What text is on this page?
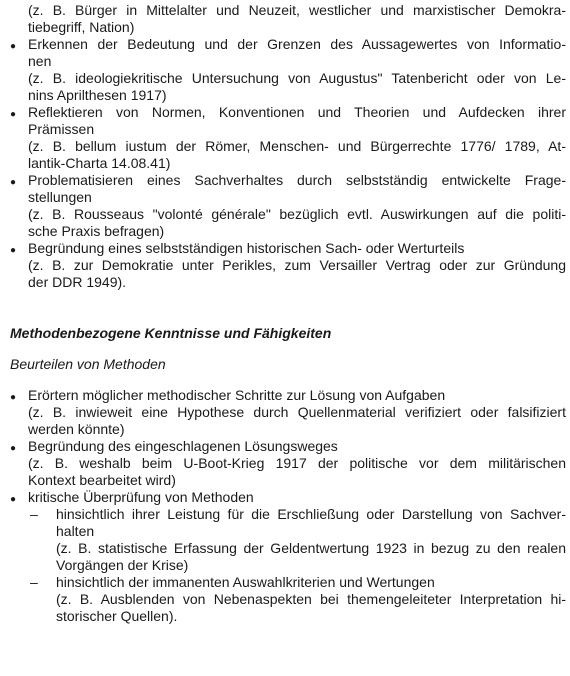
(z. B. Bürger in Mittelalter und Neuzeit, westlicher und marxistischer Demokra-
tiebegriff, Nation)
●
Erkennen der Bedeutung und der Grenzen des Aussagewertes von Informatio-
nen
(z. B. ideologiekritische Untersuchung von Augustus" Tatenbericht oder von Le-
nins Aprilthesen 1917)
●
Reflektieren von Normen, Konventionen und Theorien und Aufdecken ihrer
Prämissen
(z. B. bellum iustum der Römer, Menschen- und Bürgerrechte 1776/ 1789, At-
lantik-Charta 14.08.41)
●
Problematisieren eines Sachverhaltes durch selbstständig entwickelte Frage-
stellungen
(z. B. Rousseaus "volonté générale" bezüglich evtl. Auswirkungen auf die politi-
sche Praxis befragen)
●
Begründung eines selbstständigen historischen Sach- oder Werturteils
(z. B. zur Demokratie unter Perikles, zum Versailler Vertrag oder zur Gründung
der DDR 1949).
Methodenbezogene Kenntnisse und Fähigkeiten
Beurteilen von Methoden
●
Erörtern möglicher methodischer Schritte zur Lösung von Aufgaben
(z. B. inwieweit eine Hypothese durch Quellenmaterial verifiziert oder falsifiziert
werden könnte)
●
Begründung des eingeschlagenen Lösungsweges
(z. B. weshalb beim U-Boot-Krieg 1917 der politische vor dem militärischen
Kontext bearbeitet wird)
●
kritische Überprüfung von Methoden
– hinsichtlich ihrer Leistung für die Erschließung oder Darstellung von Sachver-
halten
(z. B. statistische Erfassung der Geldentwertung 1923 in bezug zu den realen
Vorgängen der Krise)
– hinsichtlich der immanenten Auswahlkriterien und Wertungen
(z. B. Ausblenden von Nebenaspekten bei themengeleiteter Interpretation hi-
storischer Quellen).
